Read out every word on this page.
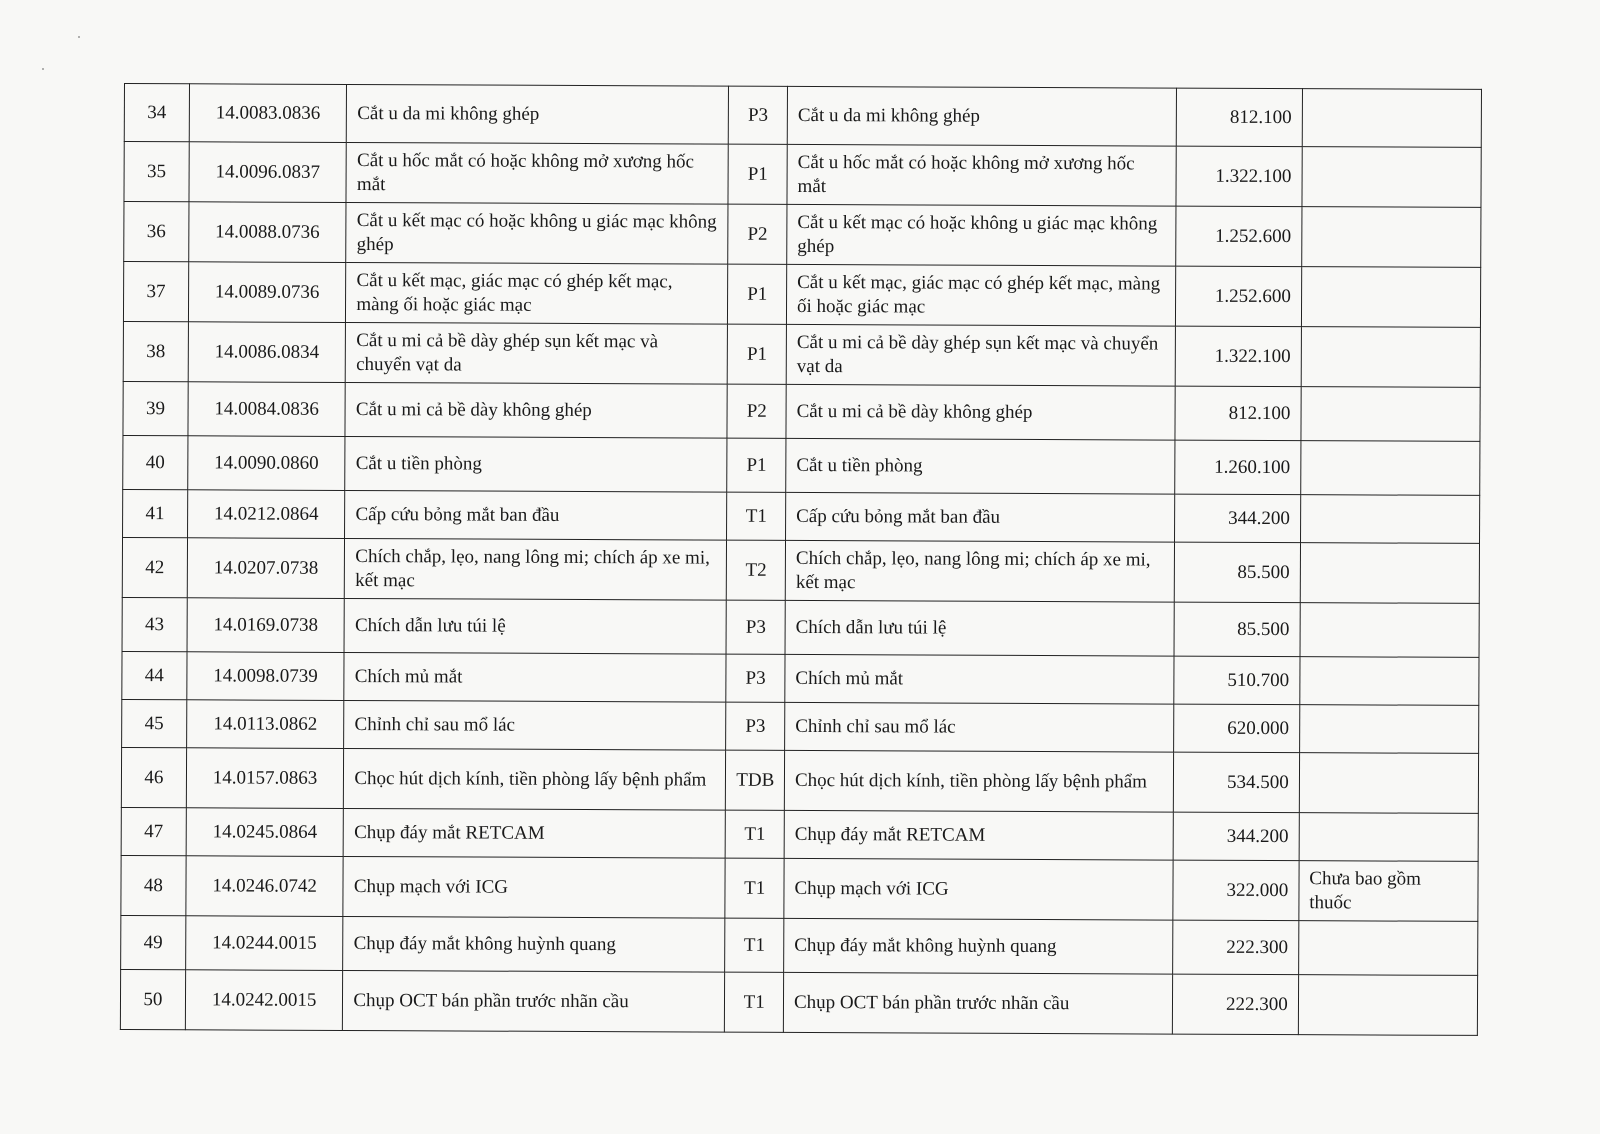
34	14.0083.0836	Cắt u da mi không ghép	P3	Cắt u da mi không ghép	812.100	
35	14.0096.0837	Cắt u hốc mắt có hoặc không mở xương hốc mắt	P1	Cắt u hốc mắt có hoặc không mở xương hốc mắt	1.322.100	
36	14.0088.0736	Cắt u kết mạc có hoặc không u giác mạc không ghép	P2	Cắt u kết mạc có hoặc không u giác mạc không ghép	1.252.600	
37	14.0089.0736	Cắt u kết mạc, giác mạc có ghép kết mạc, màng ối hoặc giác mạc	P1	Cắt u kết mạc, giác mạc có ghép kết mạc, màng ối hoặc giác mạc	1.252.600	
38	14.0086.0834	Cắt u mi cả bề dày ghép sụn kết mạc và chuyển vạt da	P1	Cắt u mi cả bề dày ghép sụn kết mạc và chuyển vạt da	1.322.100	
39	14.0084.0836	Cắt u mi cả bề dày không ghép	P2	Cắt u mi cả bề dày không ghép	812.100	
40	14.0090.0860	Cắt u tiền phòng	P1	Cắt u tiền phòng	1.260.100	
41	14.0212.0864	Cấp cứu bỏng mắt ban đầu	T1	Cấp cứu bỏng mắt ban đầu	344.200	
42	14.0207.0738	Chích chắp, lẹo, nang lông mi; chích áp xe mi, kết mạc	T2	Chích chắp, lẹo, nang lông mi; chích áp xe mi, kết mạc	85.500	
43	14.0169.0738	Chích dẫn lưu túi lệ	P3	Chích dẫn lưu túi lệ	85.500	
44	14.0098.0739	Chích mủ mắt	P3	Chích mủ mắt	510.700	
45	14.0113.0862	Chỉnh chỉ sau mổ lác	P3	Chỉnh chỉ sau mổ lác	620.000	
46	14.0157.0863	Chọc hút dịch kính, tiền phòng lấy bệnh phẩm	TDB	Chọc hút dịch kính, tiền phòng lấy bệnh phẩm	534.500	
47	14.0245.0864	Chụp đáy mắt RETCAM	T1	Chụp đáy mắt RETCAM	344.200	
48	14.0246.0742	Chụp mạch với ICG	T1	Chụp mạch với ICG	322.000	Chưa bao gồm thuốc
49	14.0244.0015	Chụp đáy mắt không huỳnh quang	T1	Chụp đáy mắt không huỳnh quang	222.300	
50	14.0242.0015	Chụp OCT bán phần trước nhãn cầu	T1	Chụp OCT bán phần trước nhãn cầu	222.300	
